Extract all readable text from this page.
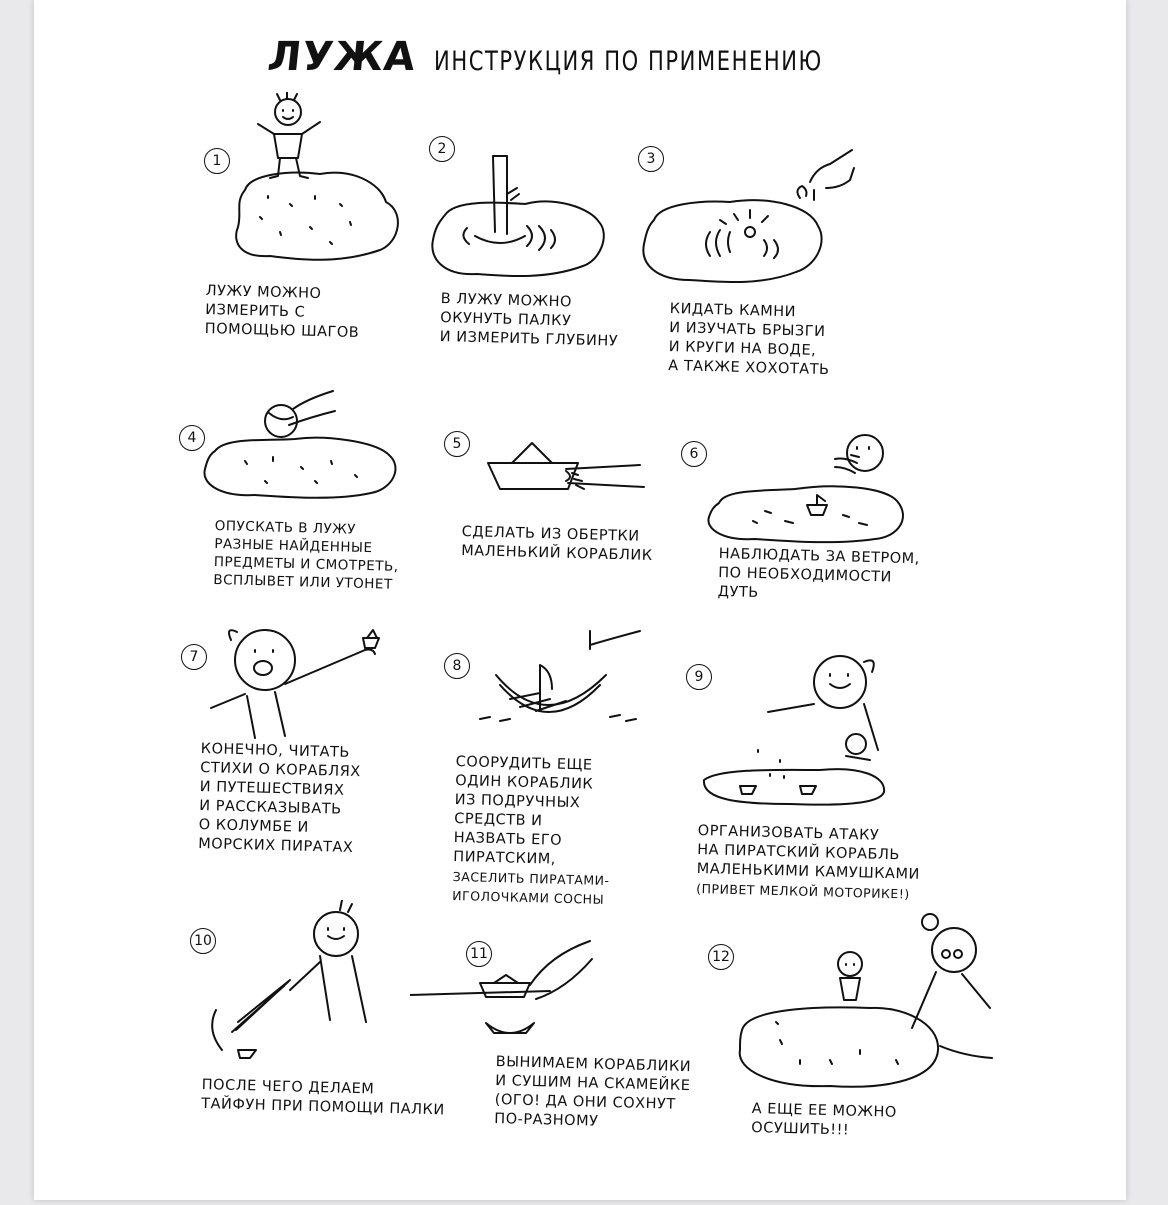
ЛУЖА ИНСТРУКЦИЯ ПО ПРИМЕНЕНИЮ
1
ЛУЖУ МОЖНО
ИЗМЕРИТЬ С
ПОМОЩЬЮ ШАГОВ
2
В ЛУЖУ МОЖНО
ОКУНУТЬ ПАЛКУ
И ИЗМЕРИТЬ ГЛУБИНУ
3
КИДАТЬ КАМНИ
И ИЗУЧАТЬ БРЫЗГИ
И КРУГИ НА ВОДЕ,
А ТАКЖЕ ХОХОТАТЬ
4
ОПУСКАТЬ В ЛУЖУ
РАЗНЫЕ НАЙДЕННЫЕ
ПРЕДМЕТЫ И СМОТРЕТЬ,
ВСПЛЫВЕТ ИЛИ УТОНЕТ
5
СДЕЛАТЬ ИЗ ОБЕРТКИ
МАЛЕНЬКИЙ КОРАБЛИК
6
НАБЛЮДАТЬ ЗА ВЕТРОМ,
ПО НЕОБХОДИМОСТИ
ДУТЬ
7
КОНЕЧНО, ЧИТАТЬ
СТИХИ О КОРАБЛЯХ
И ПУТЕШЕСТВИЯХ
И РАССКАЗЫВАТЬ
О КОЛУМБЕ И
МОРСКИХ ПИРАТАХ
8
СООРУДИТЬ ЕЩЕ
ОДИН КОРАБЛИК
ИЗ ПОДРУЧНЫХ
СРЕДСТВ И
НАЗВАТЬ ЕГО
ПИРАТСКИМ,
ЗАСЕЛИТЬ ПИРАТАМИ-
ИГОЛОЧКАМИ СОСНЫ
9
ОРГАНИЗОВАТЬ АТАКУ
НА ПИРАТСКИЙ КОРАБЛЬ
МАЛЕНЬКИМИ КАМУШКАМИ
(ПРИВЕТ МЕЛКОЙ МОТОРИКЕ!)
10
ПОСЛЕ ЧЕГО ДЕЛАЕМ
ТАЙФУН ПРИ ПОМОЩИ ПАЛКИ
11
ВЫНИМАЕМ КОРАБЛИКИ
И СУШИМ НА СКАМЕЙКЕ
(ОГО! ДА ОНИ СОХНУТ
ПО-РАЗНОМУ
12
А ЕЩЕ ЕЕ МОЖНО
ОСУШИТЬ!!!
